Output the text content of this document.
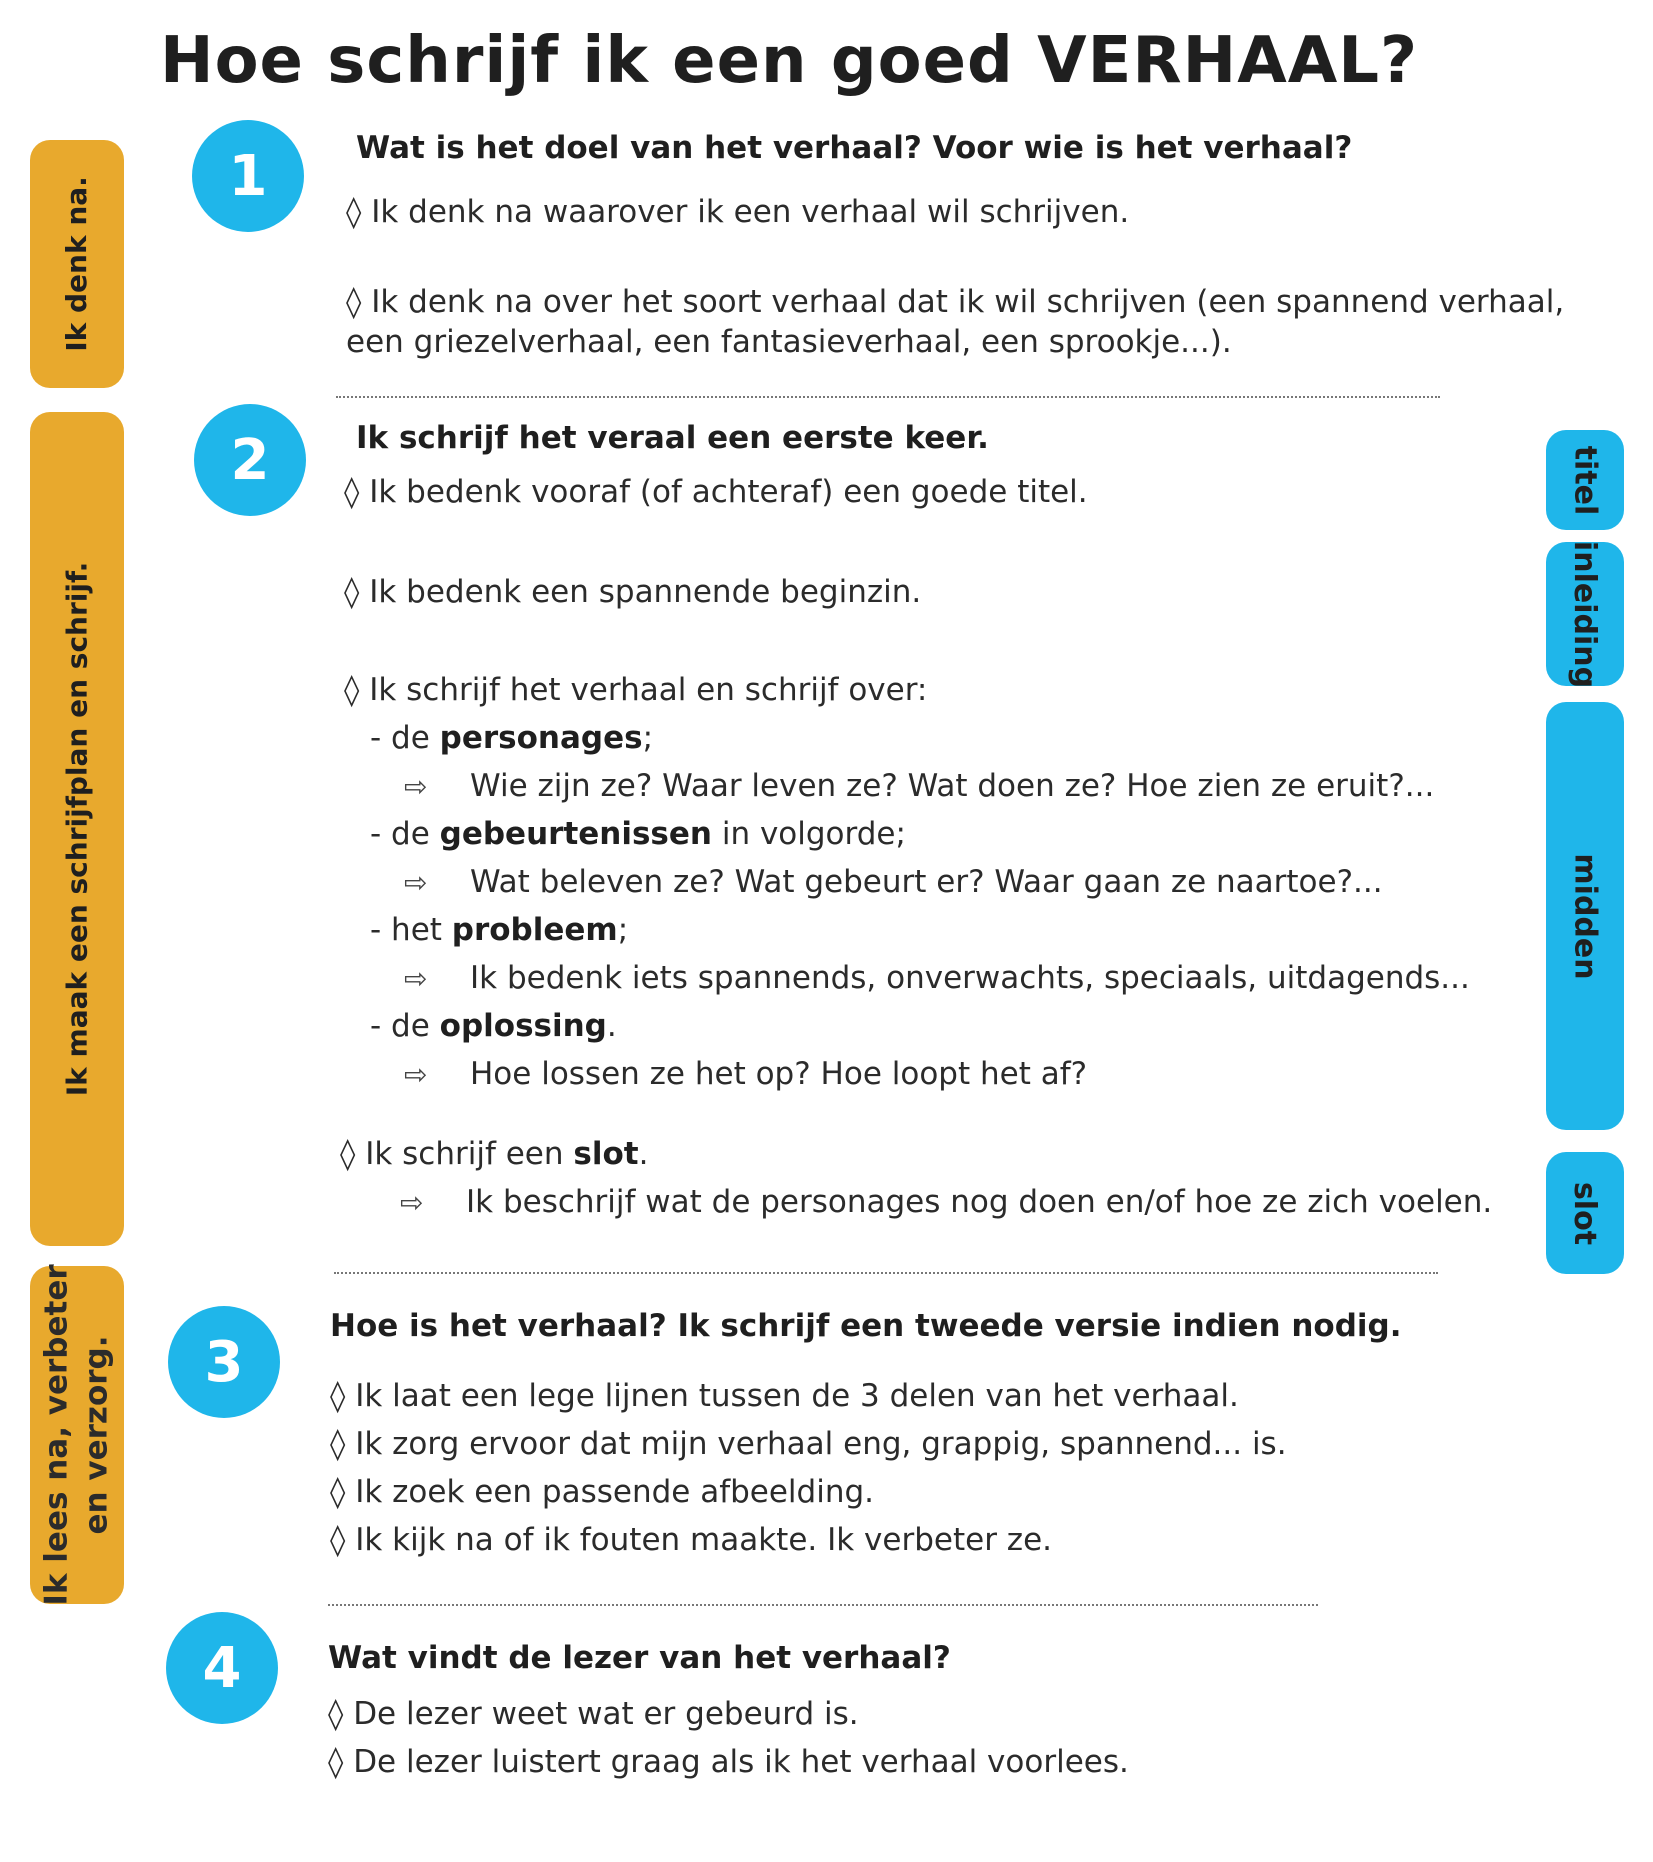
Hoe schrijf ik een goed VERHAAL?
Ik denk na.
Ik maak een schrijfplan en schrijf.
Ik lees na, verbeter en verzorg.
titel
inleiding
midden
slot
1	Wat is het doel van het verhaal? Voor wie is het verhaal?
◊ Ik denk na waarover ik een verhaal wil schrijven.
◊ Ik denk na over het soort verhaal dat ik wil schrijven (een spannend verhaal,
een griezelverhaal, een fantasieverhaal, een sprookje...).
2	Ik schrijf het veraal een eerste keer.
◊ Ik bedenk vooraf (of achteraf) een goede titel.
◊ Ik bedenk een spannende beginzin.
◊ Ik schrijf het verhaal en schrijf over:
- de personages;
⇨ Wie zijn ze? Waar leven ze? Wat doen ze? Hoe zien ze eruit?...
- de gebeurtenissen in volgorde;
⇨ Wat beleven ze? Wat gebeurt er? Waar gaan ze naartoe?...
- het probleem;
⇨ Ik bedenk iets spannends, onverwachts, speciaals, uitdagends...
- de oplossing.
⇨ Hoe lossen ze het op? Hoe loopt het af?
◊ Ik schrijf een slot.
⇨ Ik beschrijf wat de personages nog doen en/of hoe ze zich voelen.
3
Hoe is het verhaal? Ik schrijf een tweede versie indien nodig.
◊ Ik laat een lege lijnen tussen de 3 delen van het verhaal.
◊ Ik zorg ervoor dat mijn verhaal eng, grappig, spannend... is.
◊ Ik zoek een passende afbeelding.
◊ Ik kijk na of ik fouten maakte. Ik verbeter ze.
4	Wat vindt de lezer van het verhaal?
◊ De lezer weet wat er gebeurd is.
◊ De lezer luistert graag als ik het verhaal voorlees.
